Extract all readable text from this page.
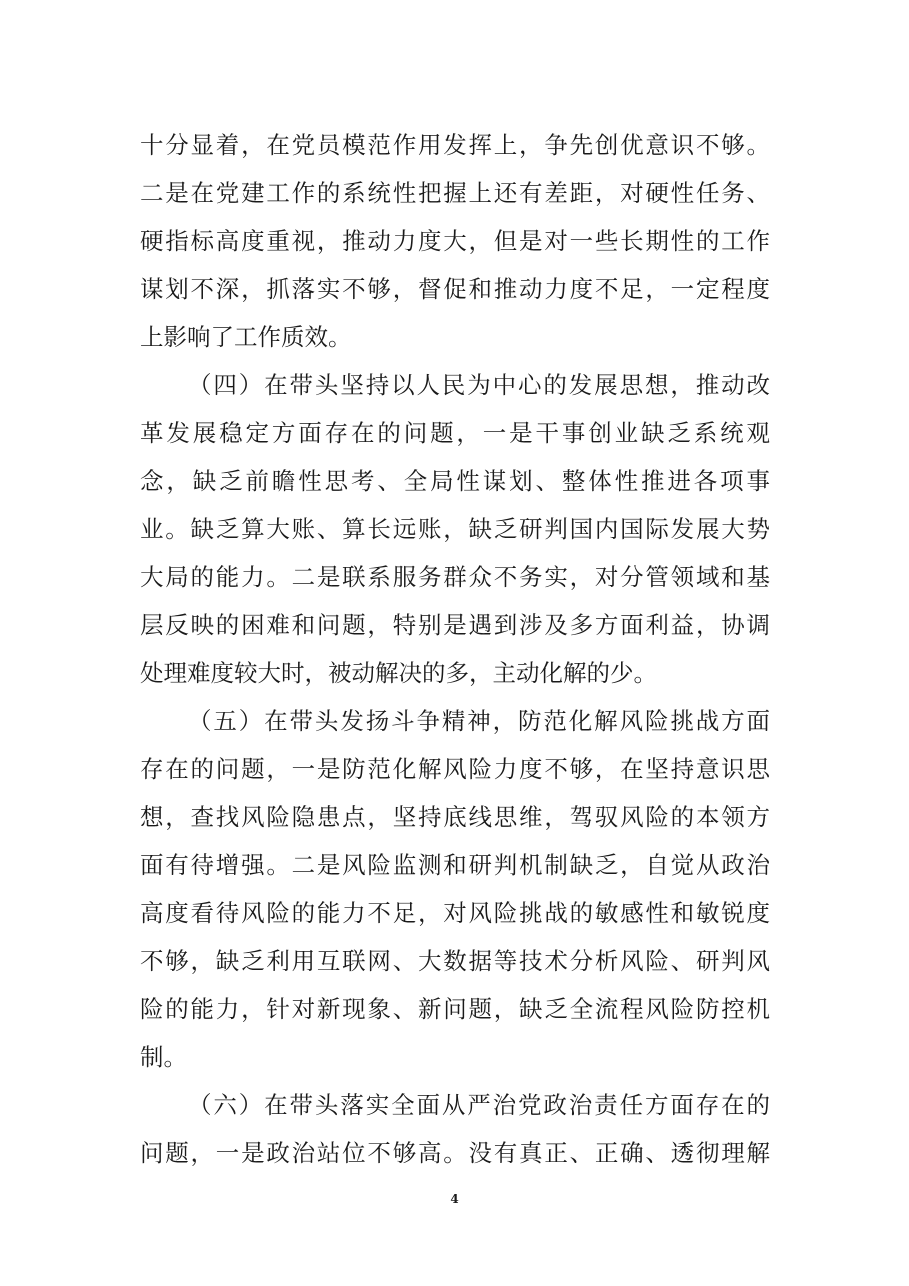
十分显着，在党员模范作用发挥上，争先创优意识不够。
二是在党建工作的系统性把握上还有差距，对硬性任务、
硬指标高度重视，推动力度大，但是对一些长期性的工作
谋划不深，抓落实不够，督促和推动力度不足，一定程度
上影响了工作质效。
（四）在带头坚持以人民为中心的发展思想，推动改
革发展稳定方面存在的问题，一是干事创业缺乏系统观
念，缺乏前瞻性思考、全局性谋划、整体性推进各项事
业。缺乏算大账、算长远账，缺乏研判国内国际发展大势
大局的能力。二是联系服务群众不务实，对分管领域和基
层反映的困难和问题，特别是遇到涉及多方面利益，协调
处理难度较大时，被动解决的多，主动化解的少。
（五）在带头发扬斗争精神，防范化解风险挑战方面
存在的问题，一是防范化解风险力度不够，在坚持意识思
想，查找风险隐患点，坚持底线思维，驾驭风险的本领方
面有待增强。二是风险监测和研判机制缺乏，自觉从政治
高度看待风险的能力不足，对风险挑战的敏感性和敏锐度
不够，缺乏利用互联网、大数据等技术分析风险、研判风
险的能力，针对新现象、新问题，缺乏全流程风险防控机
制。
（六）在带头落实全面从严治党政治责任方面存在的
问题，一是政治站位不够高。没有真正、正确、透彻理解
4
